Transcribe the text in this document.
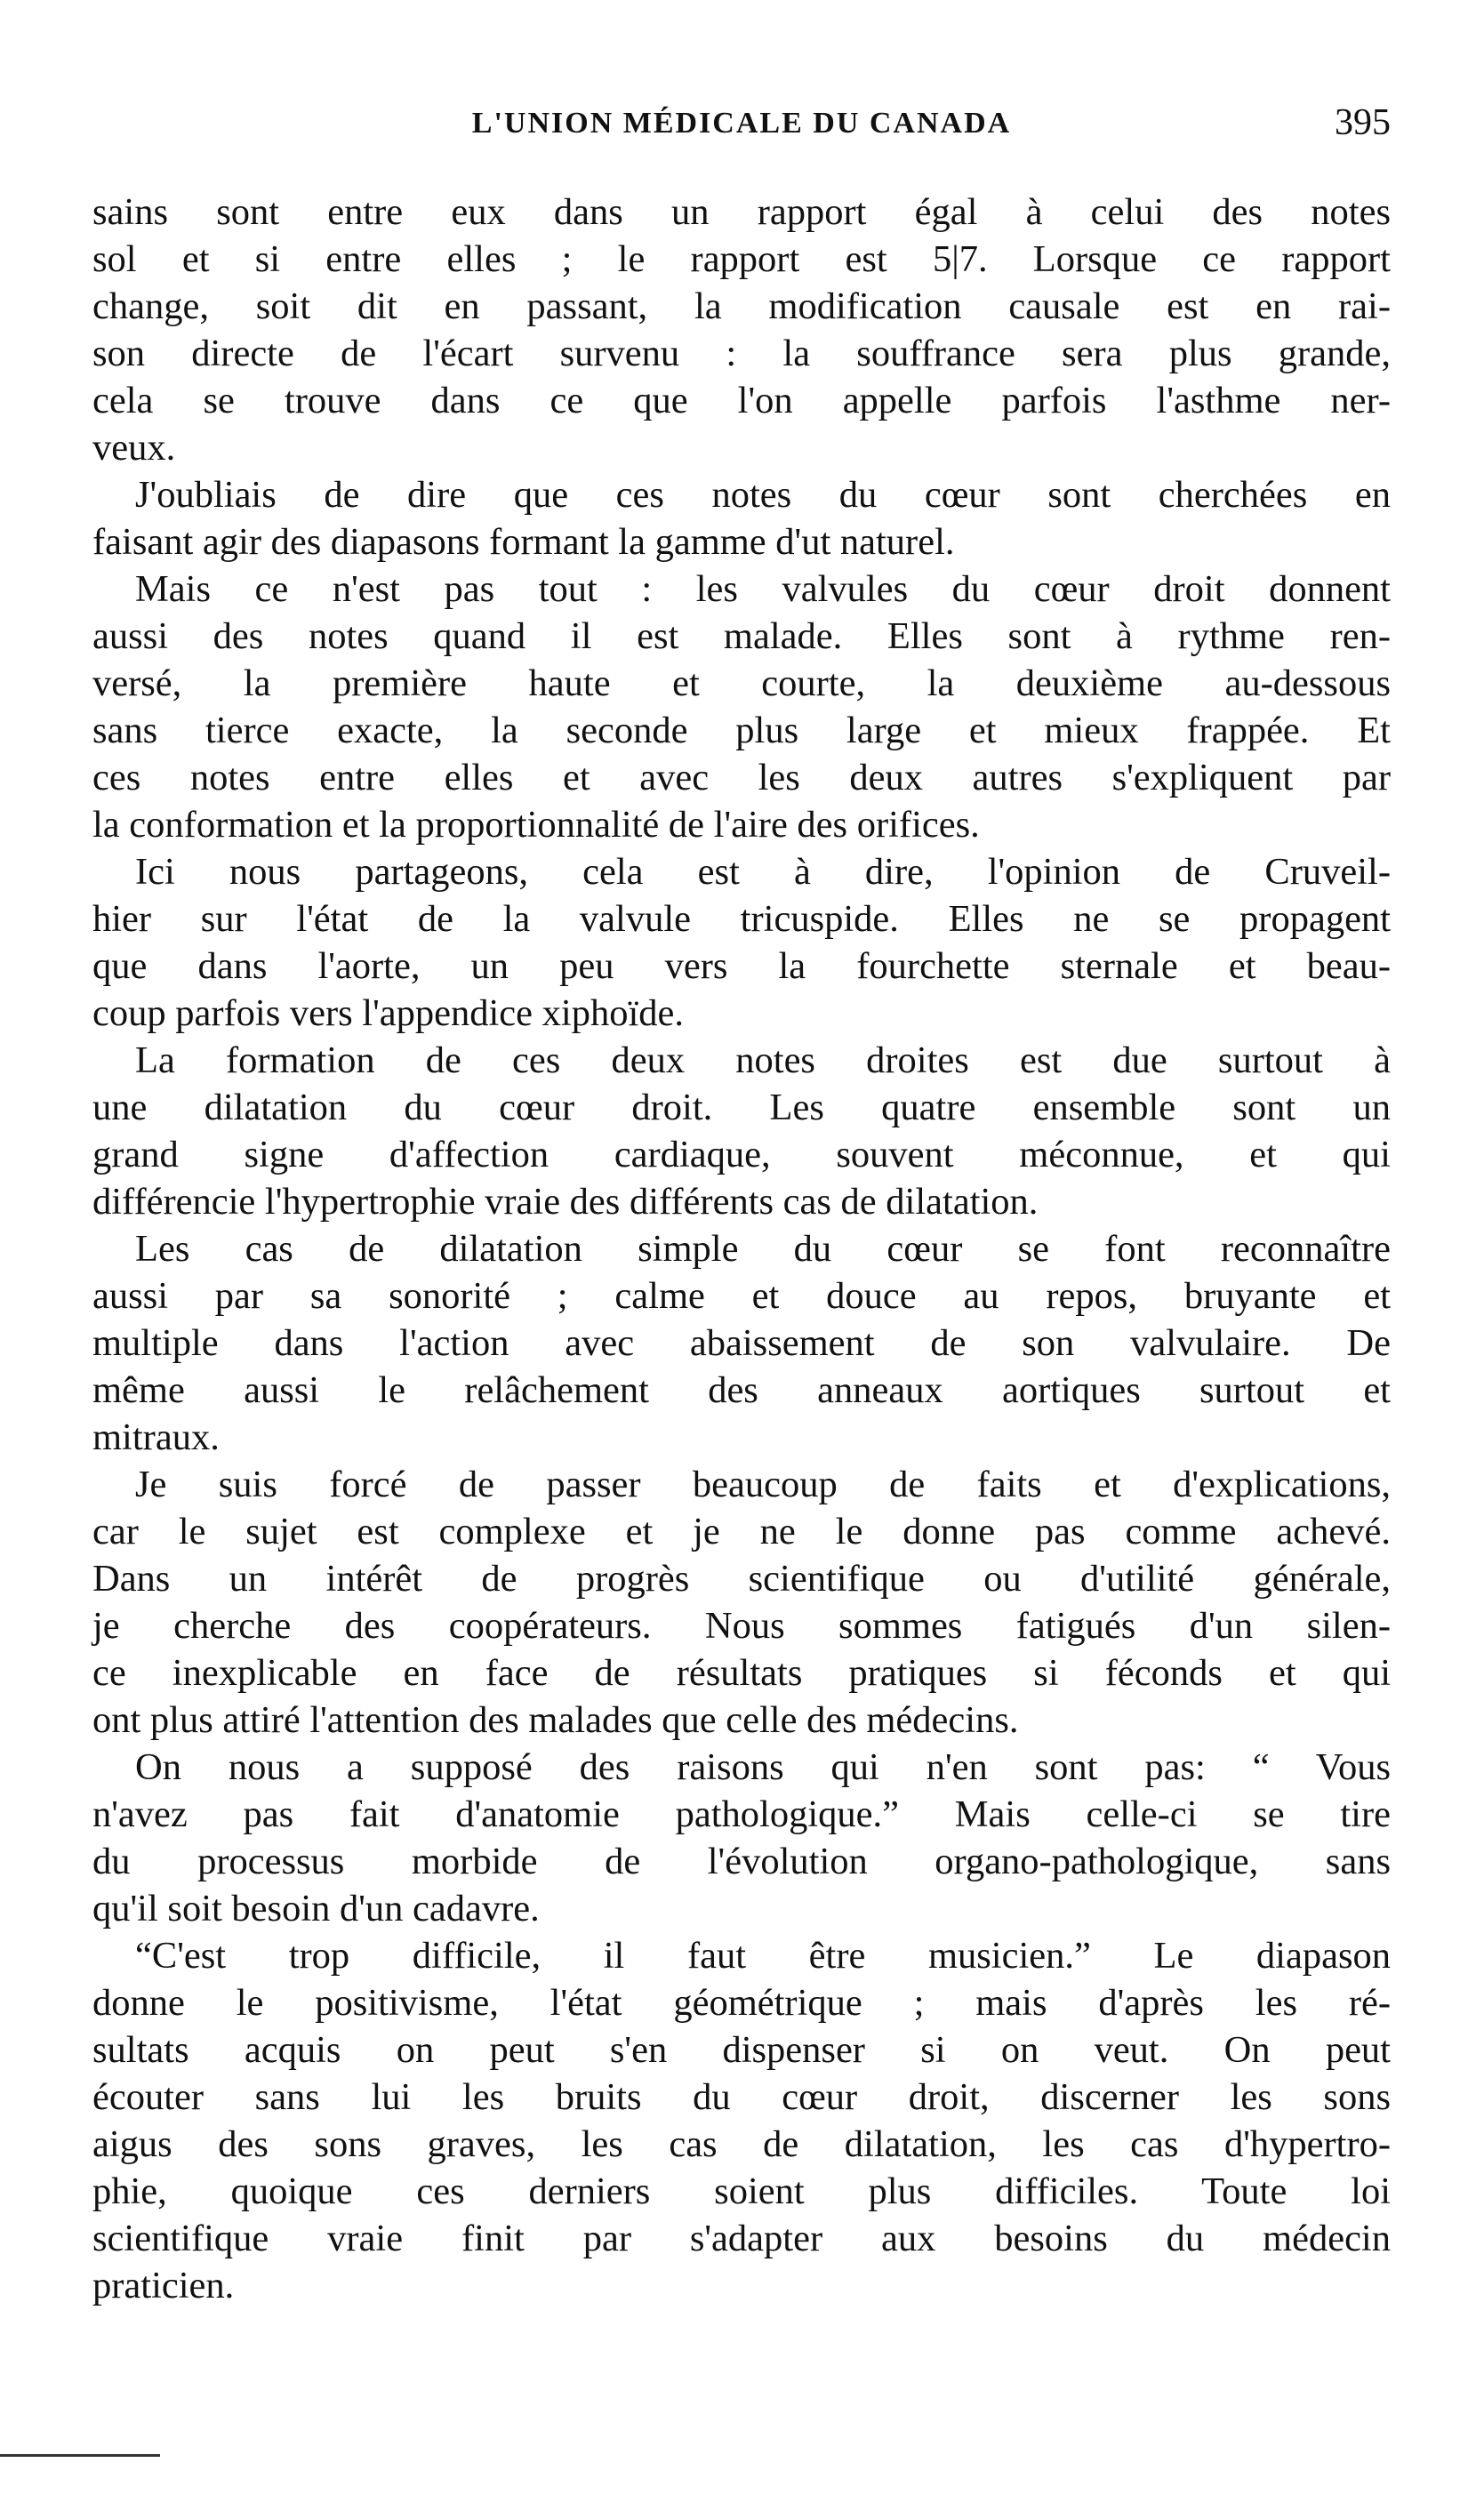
L'UNION MÉDICALE DU CANADA	395
sains sont entre eux dans un rapport égal à celui des notes
sol et si entre elles ; le rapport est 5|7. Lorsque ce rapport
change, soit dit en passant, la modification causale est en rai-
son directe de l'écart survenu : la souffrance sera plus grande,
cela se trouve dans ce que l'on appelle parfois l'asthme ner-
veux.
J'oubliais de dire que ces notes du cœur sont cherchées en
faisant agir des diapasons formant la gamme d'ut naturel.
Mais ce n'est pas tout : les valvules du cœur droit donnent
aussi des notes quand il est malade. Elles sont à rythme ren-
versé, la première haute et courte, la deuxième au-dessous
sans tierce exacte, la seconde plus large et mieux frappée. Et
ces notes entre elles et avec les deux autres s'expliquent par
la conformation et la proportionnalité de l'aire des orifices.
Ici nous partageons, cela est à dire, l'opinion de Cruveil-
hier sur l'état de la valvule tricuspide. Elles ne se propagent
que dans l'aorte, un peu vers la fourchette sternale et beau-
coup parfois vers l'appendice xiphoïde.
La formation de ces deux notes droites est due surtout à
une dilatation du cœur droit. Les quatre ensemble sont un
grand signe d'affection cardiaque, souvent méconnue, et qui
différencie l'hypertrophie vraie des différents cas de dilatation.
Les cas de dilatation simple du cœur se font reconnaître
aussi par sa sonorité ; calme et douce au repos, bruyante et
multiple dans l'action avec abaissement de son valvulaire. De
même aussi le relâchement des anneaux aortiques surtout et
mitraux.
Je suis forcé de passer beaucoup de faits et d'explications,
car le sujet est complexe et je ne le donne pas comme achevé.
Dans un intérêt de progrès scientifique ou d'utilité générale,
je cherche des coopérateurs. Nous sommes fatigués d'un silen-
ce inexplicable en face de résultats pratiques si féconds et qui
ont plus attiré l'attention des malades que celle des médecins.
On nous a supposé des raisons qui n'en sont pas: “ Vous
n'avez pas fait d'anatomie pathologique.” Mais celle-ci se tire
du processus morbide de l'évolution organo-pathologique, sans
qu'il soit besoin d'un cadavre.
“C'est trop difficile, il faut être musicien.” Le diapason
donne le positivisme, l'état géométrique ; mais d'après les ré-
sultats acquis on peut s'en dispenser si on veut. On peut
écouter sans lui les bruits du cœur droit, discerner les sons
aigus des sons graves, les cas de dilatation, les cas d'hypertro-
phie, quoique ces derniers soient plus difficiles. Toute loi
scientifique vraie finit par s'adapter aux besoins du médecin
praticien.
